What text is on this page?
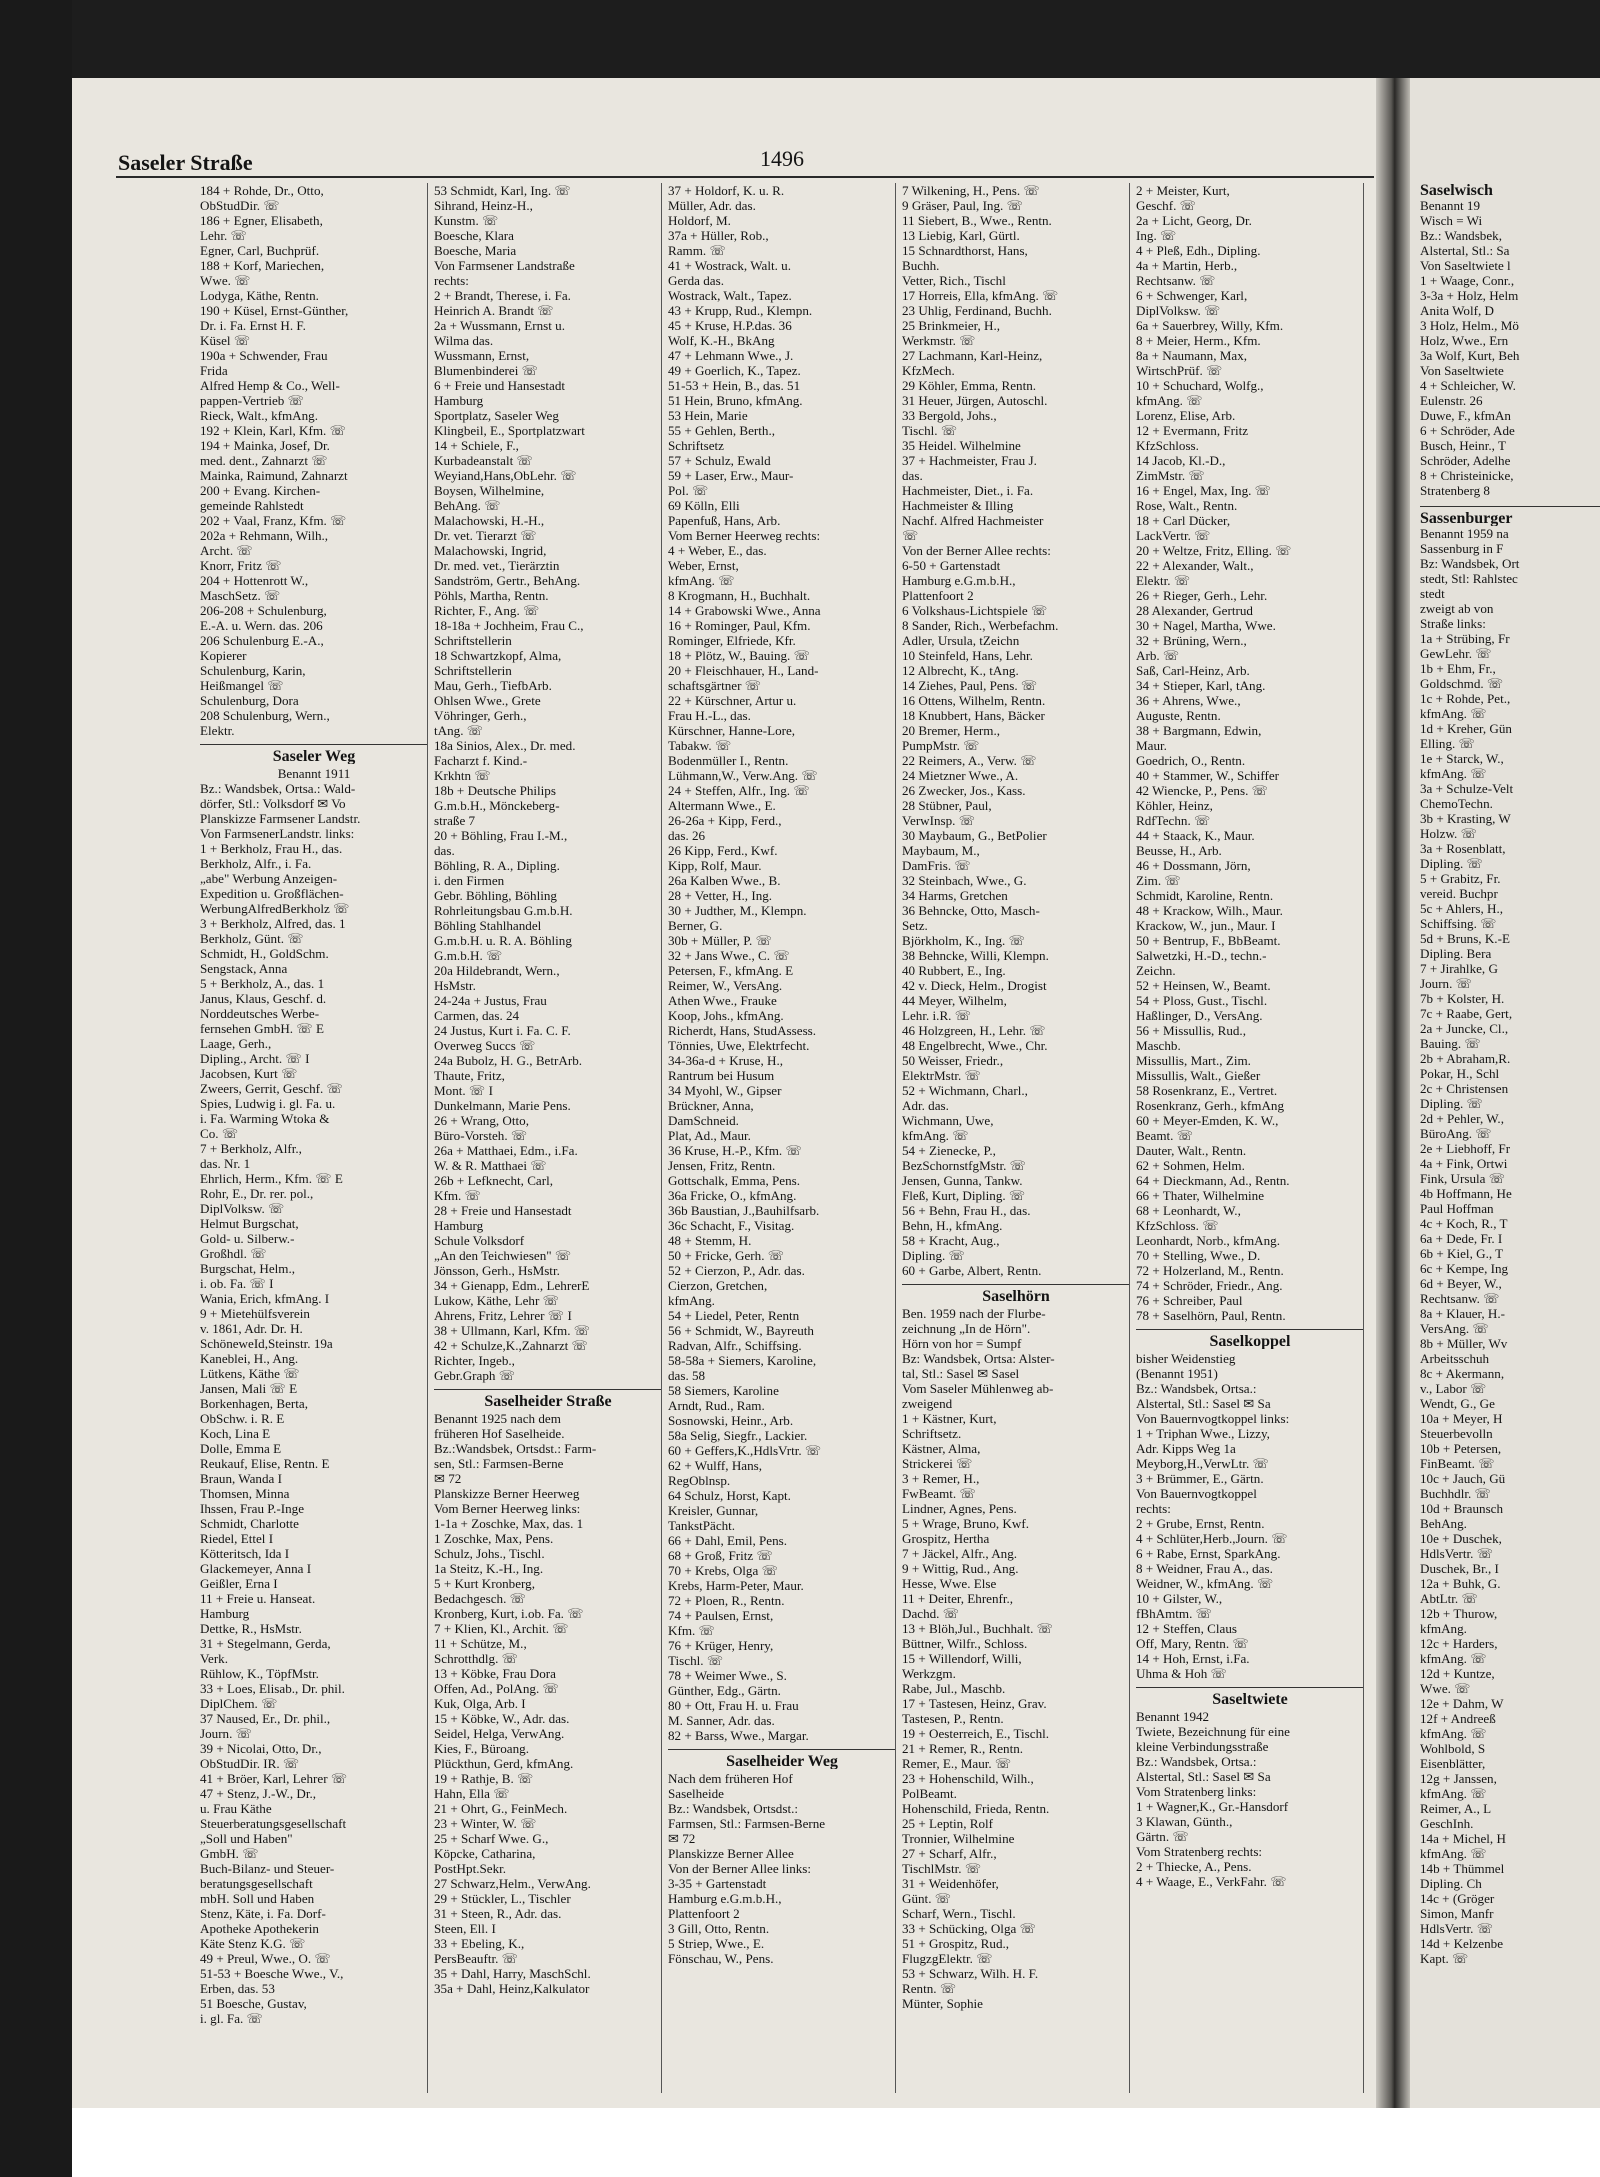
Saseler Straße	1496
184 + Rohde, Dr., Otto,
ObStudDir. ☏
186 + Egner, Elisabeth,
Lehr. ☏
Egner, Carl, Buchprüf.
188 + Korf, Mariechen,
Wwe. ☏
Lodyga, Käthe, Rentn.
190 + Küsel, Ernst-Günther,
Dr. i. Fa. Ernst H. F.
Küsel ☏
190a + Schwender, Frau
Frida
Alfred Hemp & Co., Well-
pappen-Vertrieb ☏
Rieck, Walt., kfmAng.
192 + Klein, Karl, Kfm. ☏
194 + Mainka, Josef, Dr.
med. dent., Zahnarzt ☏
Mainka, Raimund, Zahnarzt
200 + Evang. Kirchen-
gemeinde Rahlstedt
202 + Vaal, Franz, Kfm. ☏
202a + Rehmann, Wilh.,
Archt. ☏
Knorr, Fritz ☏
204 + Hottenrott W.,
MaschSetz. ☏
206-208 + Schulenburg,
E.-A. u. Wern. das. 206
206 Schulenburg E.-A.,
Kopierer
Schulenburg, Karin,
Heißmangel ☏
Schulenburg, Dora
208 Schulenburg, Wern.,
Elektr.
Saseler Weg
Benannt 1911
Bz.: Wandsbek, Ortsa.: Wald-
dörfer, Stl.: Volksdorf ✉ Vo
Planskizze Farmsener Landstr.
Von FarmsenerLandstr. links:
1 + Berkholz, Frau H., das.
Berkholz, Alfr., i. Fa.
„abe" Werbung Anzeigen-
Expedition u. Großflächen-
WerbungAlfredBerkholz ☏
3 + Berkholz, Alfred, das. 1
Berkholz, Günt. ☏
Schmidt, H., GoldSchm.
Sengstack, Anna
5 + Berkholz, A., das. 1
Janus, Klaus, Geschf. d.
Norddeutsches Werbe-
fernsehen GmbH. ☏ E
Laage, Gerh.,
Dipling., Archt. ☏ I
Jacobsen, Kurt ☏
Zweers, Gerrit, Geschf. ☏
Spies, Ludwig i. gl. Fa. u.
i. Fa. Warming Wtoka &
Co. ☏
7 + Berkholz, Alfr.,
das. Nr. 1
Ehrlich, Herm., Kfm. ☏ E
Rohr, E., Dr. rer. pol.,
DiplVolksw. ☏
Helmut Burgschat,
Gold- u. Silberw.-
Großhdl. ☏
Burgschat, Helm.,
i. ob. Fa. ☏ I
Wania, Erich, kfmAng. I
9 + Mietehülfsverein
v. 1861, Adr. Dr. H.
SchöneweId,Steinstr. 19a
Kaneblei, H., Ang.
Lütkens, Käthe ☏
Jansen, Mali ☏ E
Borkenhagen, Berta,
ObSchw. i. R. E
Koch, Lina E
Dolle, Emma E
Reukauf, Elise, Rentn. E
Braun, Wanda I
Thomsen, Minna
Ihssen, Frau P.-Inge
Schmidt, Charlotte
Riedel, Ettel I
Kötteritsch, Ida I
Glackemeyer, Anna I
Geißler, Erna I
11 + Freie u. Hanseat.
Hamburg
Dettke, R., HsMstr.
31 + Stegelmann, Gerda,
Verk.
Rühlow, K., TöpfMstr.
33 + Loes, Elisab., Dr. phil.
DiplChem. ☏
37 Naused, Er., Dr. phil.,
Journ. ☏
39 + Nicolai, Otto, Dr.,
ObStudDir. IR. ☏
41 + Bröer, Karl, Lehrer ☏
47 + Stenz, J.-W., Dr.,
u. Frau Käthe
Steuerberatungsgesellschaft
„Soll und Haben"
GmbH. ☏
Buch-Bilanz- und Steuer-
beratungsgesellschaft
mbH. Soll und Haben
Stenz, Käte, i. Fa. Dorf-
Apotheke Apothekerin
Käte Stenz K.G. ☏
49 + Preul, Wwe., O. ☏
51-53 + Boesche Wwe., V.,
Erben, das. 53
51 Boesche, Gustav,
i. gl. Fa. ☏
53 Schmidt, Karl, Ing. ☏
Sihrand, Heinz-H.,
Kunstm. ☏
Boesche, Klara
Boesche, Maria
Von Farmsener Landstraße
rechts:
2 + Brandt, Therese, i. Fa.
Heinrich A. Brandt ☏
2a + Wussmann, Ernst u.
Wilma das.
Wussmann, Ernst,
Blumenbinderei ☏
6 + Freie und Hansestadt
Hamburg
Sportplatz, Saseler Weg
Klingbeil, E., Sportplatzwart
14 + Schiele, F.,
Kurbadeanstalt ☏
Weyiand,Hans,ObLehr. ☏
Boysen, Wilhelmine,
BehAng. ☏
Malachowski, H.-H.,
Dr. vet. Tierarzt ☏
Malachowski, Ingrid,
Dr. med. vet., Tierärztin
Sandström, Gertr., BehAng.
Pöhls, Martha, Rentn.
Richter, F., Ang. ☏
18-18a + Jochheim, Frau C.,
Schriftstellerin
18 Schwartzkopf, Alma,
Schriftstellerin
Mau, Gerh., TiefbArb.
Ohlsen Wwe., Grete
Vöhringer, Gerh.,
tAng. ☏
18a Sinios, Alex., Dr. med.
Facharzt f. Kind.-
Krkhtn ☏
18b + Deutsche Philips
G.m.b.H., Mönckeberg-
straße 7
20 + Böhling, Frau I.-M.,
das.
Böhling, R. A., Dipling.
i. den Firmen
Gebr. Böhling, Böhling
Rohrleitungsbau G.m.b.H.
Böhling Stahlhandel
G.m.b.H. u. R. A. Böhling
G.m.b.H. ☏
20a Hildebrandt, Wern.,
HsMstr.
24-24a + Justus, Frau
Carmen, das. 24
24 Justus, Kurt i. Fa. C. F.
Overweg Succs ☏
24a Bubolz, H. G., BetrArb.
Thaute, Fritz,
Mont. ☏ I
Dunkelmann, Marie Pens.
26 + Wrang, Otto,
Büro-Vorsteh. ☏
26a + Matthaei, Edm., i.Fa.
W. & R. Matthaei ☏
26b + Lefknecht, Carl,
Kfm. ☏
28 + Freie und Hansestadt
Hamburg
Schule Volksdorf
„An den Teichwiesen" ☏
Jönsson, Gerh., HsMstr.
34 + Gienapp, Edm., LehrerE
Lukow, Käthe, Lehr ☏
Ahrens, Fritz, Lehrer ☏ I
38 + Ullmann, Karl, Kfm. ☏
42 + Schulze,K.,Zahnarzt ☏
Richter, Ingeb.,
Gebr.Graph ☏
Saselheider Straße
Benannt 1925 nach dem
früheren Hof Saselheide.
Bz.:Wandsbek, Ortsdst.: Farm-
sen, Stl.: Farmsen-Berne
✉ 72
Planskizze Berner Heerweg
Vom Berner Heerweg links:
1-1a + Zoschke, Max, das. 1
1 Zoschke, Max, Pens.
Schulz, Johs., Tischl.
1a Steitz, K.-H., Ing.
5 + Kurt Kronberg,
Bedachgesch. ☏
Kronberg, Kurt, i.ob. Fa. ☏
7 + Klien, Kl., Archit. ☏
11 + Schütze, M.,
Schrotthdlg. ☏
13 + Köbke, Frau Dora
Offen, Ad., PolAng. ☏
Kuk, Olga, Arb. I
15 + Köbke, W., Adr. das.
Seidel, Helga, VerwAng.
Kies, F., Büroang.
Plückthun, Gerd, kfmAng.
19 + Rathje, B. ☏
Hahn, Ella ☏
21 + Ohrt, G., FeinMech.
23 + Winter, W. ☏
25 + Scharf Wwe. G.,
Köpcke, Catharina,
PostHpt.Sekr.
27 Schwarz,Helm., VerwAng.
29 + Stückler, L., Tischler
31 + Steen, R., Adr. das.
Steen, Ell. I
33 + Ebeling, K.,
PersBeauftr. ☏
35 + Dahl, Harry, MaschSchl.
35a + Dahl, Heinz,Kalkulator
37 + Holdorf, K. u. R.
Müller, Adr. das.
Holdorf, M.
37a + Hüller, Rob.,
Ramm. ☏
41 + Wostrack, Walt. u.
Gerda das.
Wostrack, Walt., Tapez.
43 + Krupp, Rud., Klempn.
45 + Kruse, H.P.das. 36
Wolf, K.-H., BkAng
47 + Lehmann Wwe., J.
49 + Goerlich, K., Tapez.
51-53 + Hein, B., das. 51
51 Hein, Bruno, kfmAng.
53 Hein, Marie
55 + Gehlen, Berth.,
Schriftsetz
57 + Schulz, Ewald
59 + Laser, Erw., Maur-
Pol. ☏
69 Kölln, Elli
Papenfuß, Hans, Arb.
Vom Berner Heerweg rechts:
4 + Weber, E., das.
Weber, Ernst,
kfmAng. ☏
8 Krogmann, H., Buchhalt.
14 + Grabowski Wwe., Anna
16 + Rominger, Paul, Kfm.
Rominger, Elfriede, Kfr.
18 + Plötz, W., Bauing. ☏
20 + Fleischhauer, H., Land-
schaftsgärtner ☏
22 + Kürschner, Artur u.
Frau H.-L., das.
Kürschner, Hanne-Lore,
Tabakw. ☏
Bodenmüller I., Rentn.
Lühmann,W., Verw.Ang. ☏
24 + Steffen, Alfr., Ing. ☏
Altermann Wwe., E.
26-26a + Kipp, Ferd.,
das. 26
26 Kipp, Ferd., Kwf.
Kipp, Rolf, Maur.
26a Kalben Wwe., B.
28 + Vetter, H., Ing.
30 + Judther, M., Klempn.
Berner, G.
30b + Müller, P. ☏
32 + Jans Wwe., C. ☏
Petersen, F., kfmAng. E
Reimer, W., VersAng.
Athen Wwe., Frauke
Koop, Johs., kfmAng.
Richerdt, Hans, StudAssess.
Tönnies, Uwe, Elektrfecht.
34-36a-d + Kruse, H.,
Rantrum bei Husum
34 Myohl, W., Gipser
Brückner, Anna,
DamSchneid.
Plat, Ad., Maur.
36 Kruse, H.-P., Kfm. ☏
Jensen, Fritz, Rentn.
Gottschalk, Emma, Pens.
36a Fricke, O., kfmAng.
36b Baustian, J.,Bauhilfsarb.
36c Schacht, F., Visitag.
48 + Stemm, H.
50 + Fricke, Gerh. ☏
52 + Cierzon, P., Adr. das.
Cierzon, Gretchen,
kfmAng.
54 + Liedel, Peter, Rentn
56 + Schmidt, W., Bayreuth
Radvan, Alfr., Schiffsing.
58-58a + Siemers, Karoline,
das. 58
58 Siemers, Karoline
Arndt, Rud., Ram.
Sosnowski, Heinr., Arb.
58a Selig, Siegfr., Lackier.
60 + Geffers,K.,HdlsVrtr. ☏
62 + Wulff, Hans,
RegOblnsp.
64 Schulz, Horst, Kapt.
Kreisler, Gunnar,
TankstPächt.
66 + Dahl, Emil, Pens.
68 + Groß, Fritz ☏
70 + Krebs, Olga ☏
Krebs, Harm-Peter, Maur.
72 + Ploen, R., Rentn.
74 + Paulsen, Ernst,
Kfm. ☏
76 + Krüger, Henry,
Tischl. ☏
78 + Weimer Wwe., S.
Günther, Edg., Gärtn.
80 + Ott, Frau H. u. Frau
M. Sanner, Adr. das.
82 + Barss, Wwe., Margar.
Saselheider Weg
Nach dem früheren Hof
Saselheide
Bz.: Wandsbek, Ortsdst.:
Farmsen, Stl.: Farmsen-Berne
✉ 72
Planskizze Berner Allee
Von der Berner Allee links:
3-35 + Gartenstadt
Hamburg e.G.m.b.H.,
Plattenfoort 2
3 Gill, Otto, Rentn.
5 Striep, Wwe., E.
Fönschau, W., Pens.
7 Wilkening, H., Pens. ☏
9 Gräser, Paul, Ing. ☏
11 Siebert, B., Wwe., Rentn.
13 Liebig, Karl, Gürtl.
15 Schnardthorst, Hans,
Buchh.
Vetter, Rich., Tischl
17 Horreis, Ella, kfmAng. ☏
23 Uhlig, Ferdinand, Buchh.
25 Brinkmeier, H.,
Werkmstr. ☏
27 Lachmann, Karl-Heinz,
KfzMech.
29 Köhler, Emma, Rentn.
31 Heuer, Jürgen, Autoschl.
33 Bergold, Johs.,
Tischl. ☏
35 Heidel. Wilhelmine
37 + Hachmeister, Frau J.
das.
Hachmeister, Diet., i. Fa.
Hachmeister & Illing
Nachf. Alfred Hachmeister
☏
Von der Berner Allee rechts:
6-50 + Gartenstadt
Hamburg e.G.m.b.H.,
Plattenfoort 2
6 Volkshaus-Lichtspiele ☏
8 Sander, Rich., Werbefachm.
Adler, Ursula, tZeichn
10 Steinfeld, Hans, Lehr.
12 Albrecht, K., tAng.
14 Ziehes, Paul, Pens. ☏
16 Ottens, Wilhelm, Rentn.
18 Knubbert, Hans, Bäcker
20 Bremer, Herm.,
PumpMstr. ☏
22 Reimers, A., Verw. ☏
24 Mietzner Wwe., A.
26 Zwecker, Jos., Kass.
28 Stübner, Paul,
VerwInsp. ☏
30 Maybaum, G., BetPolier
Maybaum, M.,
DamFris. ☏
32 Steinbach, Wwe., G.
34 Harms, Gretchen
36 Behncke, Otto, Masch-
Setz.
Björkholm, K., Ing. ☏
38 Behncke, Willi, Klempn.
40 Rubbert, E., Ing.
42 v. Dieck, Helm., Drogist
44 Meyer, Wilhelm,
Lehr. i.R. ☏
46 Holzgreen, H., Lehr. ☏
48 Engelbrecht, Wwe., Chr.
50 Weisser, Friedr.,
ElektrMstr. ☏
52 + Wichmann, Charl.,
Adr. das.
Wichmann, Uwe,
kfmAng. ☏
54 + Zienecke, P.,
BezSchornstfgMstr. ☏
Jensen, Gunna, Tankw.
Fleß, Kurt, Dipling. ☏
56 + Behn, Frau H., das.
Behn, H., kfmAng.
58 + Kracht, Aug.,
Dipling. ☏
60 + Garbe, Albert, Rentn.
Saselhörn
Ben. 1959 nach der Flurbe-
zeichnung „In de Hörn".
Hörn von hor = Sumpf
Bz: Wandsbek, Ortsa: Alster-
tal, Stl.: Sasel ✉ Sasel
Vom Saseler Mühlenweg ab-
zweigend
1 + Kästner, Kurt,
Schriftsetz.
Kästner, Alma,
Strickerei ☏
3 + Remer, H.,
FwBeamt. ☏
Lindner, Agnes, Pens.
5 + Wrage, Bruno, Kwf.
Grospitz, Hertha
7 + Jäckel, Alfr., Ang.
9 + Wittig, Rud., Ang.
Hesse, Wwe. Else
11 + Deiter, Ehrenfr.,
Dachd. ☏
13 + Blöh,Jul., Buchhalt. ☏
Büttner, Wilfr., Schloss.
15 + Willendorf, Willi,
Werkzgm.
Rabe, Jul., Maschb.
17 + Tastesen, Heinz, Grav.
Tastesen, P., Rentn.
19 + Oesterreich, E., Tischl.
21 + Remer, R., Rentn.
Remer, E., Maur. ☏
23 + Hohenschild, Wilh.,
PolBeamt.
Hohenschild, Frieda, Rentn.
25 + Leptin, Rolf
Tronnier, Wilhelmine
27 + Scharf, Alfr.,
TischlMstr. ☏
31 + Weidenhöfer,
Günt. ☏
Scharf, Wern., Tischl.
33 + Schücking, Olga ☏
51 + Grospitz, Rud.,
FlugzgElektr. ☏
53 + Schwarz, Wilh. H. F.
Rentn. ☏
Münter, Sophie
2 + Meister, Kurt,
Geschf. ☏
2a + Licht, Georg, Dr.
Ing. ☏
4 + Pleß, Edh., Dipling.
4a + Martin, Herb.,
Rechtsanw. ☏
6 + Schwenger, Karl,
DiplVolksw. ☏
6a + Sauerbrey, Willy, Kfm.
8 + Meier, Herm., Kfm.
8a + Naumann, Max,
WirtschPrüf. ☏
10 + Schuchard, Wolfg.,
kfmAng. ☏
Lorenz, Elise, Arb.
12 + Evermann, Fritz
KfzSchloss.
14 Jacob, Kl.-D.,
ZimMstr. ☏
16 + Engel, Max, Ing. ☏
Rose, Walt., Rentn.
18 + Carl Dücker,
LackVertr. ☏
20 + Weltze, Fritz, Elling. ☏
22 + Alexander, Walt.,
Elektr. ☏
26 + Rieger, Gerh., Lehr.
28 Alexander, Gertrud
30 + Nagel, Martha, Wwe.
32 + Brüning, Wern.,
Arb. ☏
Saß, Carl-Heinz, Arb.
34 + Stieper, Karl, tAng.
36 + Ahrens, Wwe.,
Auguste, Rentn.
38 + Bargmann, Edwin,
Maur.
Goedrich, O., Rentn.
40 + Stammer, W., Schiffer
42 Wiencke, P., Pens. ☏
Köhler, Heinz,
RdfTechn. ☏
44 + Staack, K., Maur.
Beusse, H., Arb.
46 + Dossmann, Jörn,
Zim. ☏
Schmidt, Karoline, Rentn.
48 + Krackow, Wilh., Maur.
Krackow, W., jun., Maur. I
50 + Bentrup, F., BbBeamt.
Salwetzki, H.-D., techn.-
Zeichn.
52 + Heinsen, W., Beamt.
54 + Ploss, Gust., Tischl.
Haßlinger, D., VersAng.
56 + Missullis, Rud.,
Maschb.
Missullis, Mart., Zim.
Missullis, Walt., Gießer
58 Rosenkranz, E., Vertret.
Rosenkranz, Gerh., kfmAng
60 + Meyer-Emden, K. W.,
Beamt. ☏
Dauter, Walt., Rentn.
62 + Sohmen, Helm.
64 + Dieckmann, Ad., Rentn.
66 + Thater, Wilhelmine
68 + Leonhardt, W.,
KfzSchloss. ☏
Leonhardt, Norb., kfmAng.
70 + Stelling, Wwe., D.
72 + Holzerland, M., Rentn.
74 + Schröder, Friedr., Ang.
76 + Schreiber, Paul
78 + Saselhörn, Paul, Rentn.
Saselkoppel
bisher Weidenstieg
(Benannt 1951)
Bz.: Wandsbek, Ortsa.:
Alstertal, Stl.: Sasel ✉ Sa
Von Bauernvogtkoppel links:
1 + Triphan Wwe., Lizzy,
Adr. Kipps Weg 1a
Meyborg,H.,VerwLtr. ☏
3 + Brümmer, E., Gärtn.
Von Bauernvogtkoppel
rechts:
2 + Grube, Ernst, Rentn.
4 + Schlüter,Herb.,Journ. ☏
6 + Rabe, Ernst, SparkAng.
8 + Weidner, Frau A., das.
Weidner, W., kfmAng. ☏
10 + Gilster, W.,
fBhAmtm. ☏
12 + Steffen, Claus
Off, Mary, Rentn. ☏
14 + Hoh, Ernst, i.Fa.
Uhma & Hoh ☏
Saseltwiete
Benannt 1942
Twiete, Bezeichnung für eine
kleine Verbindungsstraße
Bz.: Wandsbek, Ortsa.:
Alstertal, Stl.: Sasel ✉ Sa
Vom Stratenberg links:
1 + Wagner,K., Gr.-Hansdorf
3 Klawan, Günth.,
Gärtn. ☏
Vom Stratenberg rechts:
2 + Thiecke, A., Pens.
4 + Waage, E., VerkFahr. ☏
Saselwisch
Benannt 19
Wisch = Wi
Bz.: Wandsbek,
Alstertal, Stl.: Sa
Von Saseltwiete l
1 + Waage, Conr.,
3-3a + Holz, Helm
Anita Wolf, D
3 Holz, Helm., Mö
Holz, Wwe., Ern
3a Wolf, Kurt, Beh
Von Saseltwiete
4 + Schleicher, W.
Eulenstr. 26
Duwe, F., kfmAn
6 + Schröder, Ade
Busch, Heinr., T
Schröder, Adelhe
8 + Christeinicke,
Stratenberg 8
Sassenburger
Benannt 1959 na
Sassenburg in F
Bz: Wandsbek, Ort
stedt, Stl: Rahlstec
stedt
zweigt ab von
Straße links:
1a + Strübing, Fr
GewLehr. ☏
1b + Ehm, Fr.,
Goldschmd. ☏
1c + Rohde, Pet.,
kfmAng. ☏
1d + Kreher, Gün
Elling. ☏
1e + Starck, W.,
kfmAng. ☏
3a + Schulze-Velt
ChemoTechn.
3b + Krasting, W
Holzw. ☏
3a + Rosenblatt,
Dipling. ☏
5 + Grabitz, Fr.
vereid. Buchpr
5c + Ahlers, H.,
Schiffsing. ☏
5d + Bruns, K.-E
Dipling. Bera
7 + Jirahlke, G
Journ. ☏
7b + Kolster, H.
7c + Raabe, Gert,
2a + Juncke, Cl.,
Bauing. ☏
2b + Abraham,R.
Pokar, H., Schl
2c + Christensen
Dipling. ☏
2d + Pehler, W.,
BüroAng. ☏
2e + Liebhoff, Fr
4a + Fink, Ortwi
Fink, Ursula ☏
4b Hoffmann, He
Paul Hoffman
4c + Koch, R., T
6a + Dede, Fr. I
6b + Kiel, G., T
6c + Kempe, Ing
6d + Beyer, W.,
Rechtsanw. ☏
8a + Klauer, H.-
VersAng. ☏
8b + Müller, Wv
Arbeitsschuh
8c + Akermann,
v., Labor ☏
Wendt, G., Ge
10a + Meyer, H
Steuerbevolln
10b + Petersen,
FinBeamt. ☏
10c + Jauch, Gü
Buchhdlr. ☏
10d + Braunsch
BehAng.
10e + Duschek,
HdlsVertr. ☏
Duschek, Br., I
12a + Buhk, G.
AbtLtr. ☏
12b + Thurow,
kfmAng.
12c + Harders,
kfmAng. ☏
12d + Kuntze,
Wwe. ☏
12e + Dahm, W
12f + Andreeß
kfmAng. ☏
Wohlbold, S
Eisenblätter,
12g + Janssen,
kfmAng. ☏
Reimer, A., L
GeschInh.
14a + Michel, H
kfmAng. ☏
14b + Thümmel
Dipling. Ch
14c + (Gröger
Simon, Manfr
HdlsVertr. ☏
14d + Kelzenbe
Kapt. ☏
